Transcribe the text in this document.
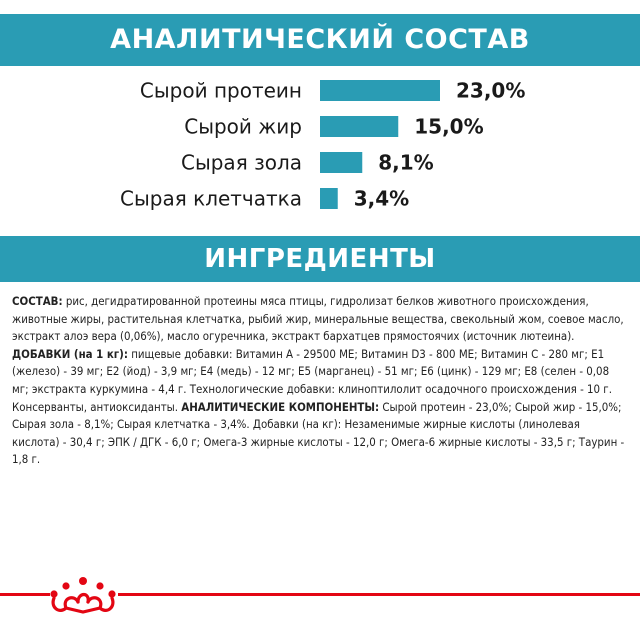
АНАЛИТИЧЕСКИЙ СОСТАВ
Сырой протеин	23,0%
Сырой жир	15,0%
Сырая зола	8,1%
Сырая клетчатка	3,4%
ИНГРЕДИЕНТЫ
СОСТАВ: рис, дегидратированной протеины мяса птицы, гидролизат белков животного происхождения, животные жиры, растительная клетчатка, рыбий жир, минеральные вещества, свекольный жом, соевое масло, экстракт алоэ вера (0,06%), масло огуречника, экстракт бархатцев прямостоячих (источник лютеина). ДОБАВКИ (на 1 кг): пищевые добавки: Витамин А - 29500 МЕ; Витамин D3 - 800 МЕ; Витамин С - 280 мг; Е1 (железо) - 39 мг; Е2 (йод) - 3,9 мг; Е4 (медь) - 12 мг; Е5 (марганец) - 51 мг; Е6 (цинк) - 129 мг; Е8 (селен - 0,08 мг; экстракта куркумина - 4,4 г. Технологические добавки: клиноптилолит осадочного происхождения - 10 г. Консерванты, антиоксиданты. АНАЛИТИЧЕСКИЕ КОМПОНЕНТЫ: Сырой протеин - 23,0%; Сырой жир - 15,0%; Сырая зола - 8,1%; Сырая клетчатка - 3,4%. Добавки (на кг): Незаменимые жирные кислоты (линолевая кислота) - 30,4 г; ЭПК / ДГК - 6,0 г; Омега-3 жирные кислоты - 12,0 г; Омега-6 жирные кислоты - 33,5 г; Таурин - 1,8 г.
